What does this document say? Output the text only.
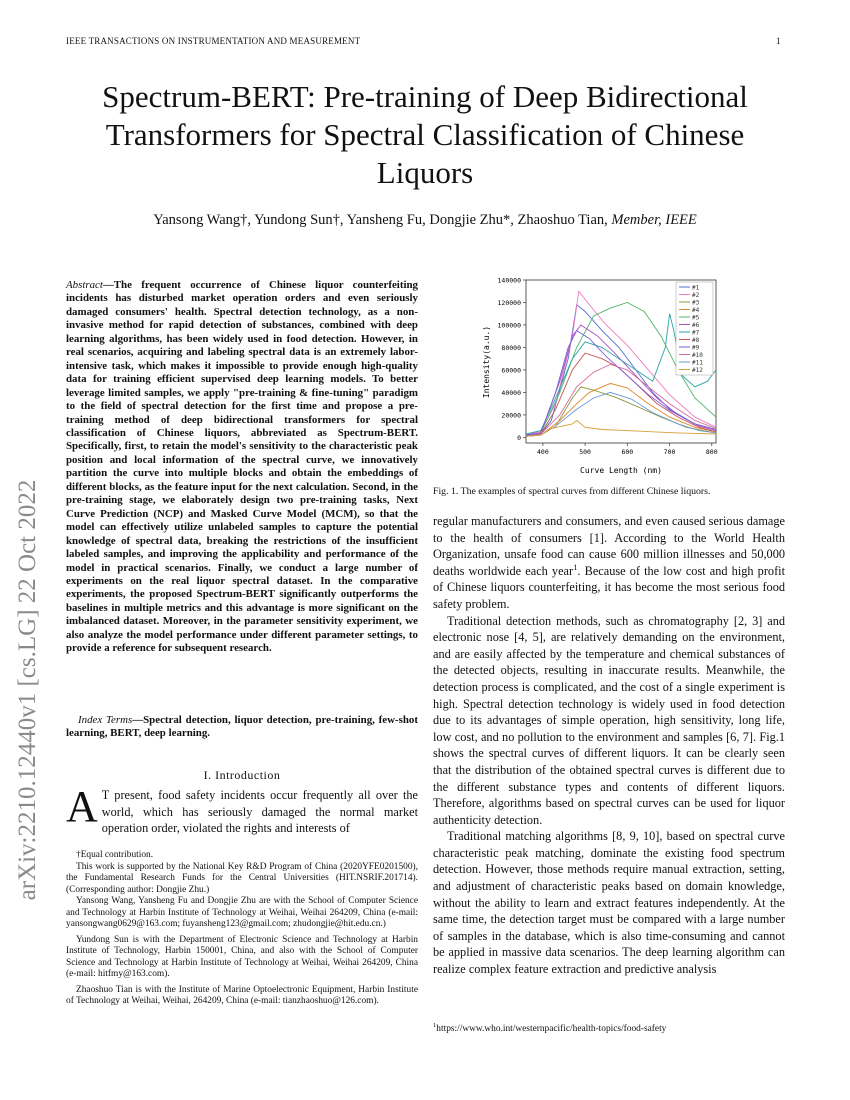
IEEE TRANSACTIONS ON INSTRUMENTATION AND MEASUREMENT	1
Spectrum-BERT: Pre-training of Deep Bidirectional Transformers for Spectral Classification of Chinese Liquors
Yansong Wang†, Yundong Sun†, Yansheng Fu, Dongjie Zhu*, Zhaoshuo Tian, Member, IEEE
arXiv:2210.12440v1 [cs.LG] 22 Oct 2022
Abstract—The frequent occurrence of Chinese liquor counterfeiting incidents has disturbed market operation orders and even seriously damaged consumers' health. Spectral detection technology, as a non-invasive method for rapid detection of substances, combined with deep learning algorithms, has been widely used in food detection. However, in real scenarios, acquiring and labeling spectral data is an extremely labor-intensive task, which makes it impossible to provide enough high-quality data for training efficient supervised deep learning models. To better leverage limited samples, we apply "pre-training & fine-tuning" paradigm to the field of spectral detection for the first time and propose a pre-training method of deep bidirectional transformers for spectral classification of Chinese liquors, abbreviated as Spectrum-BERT. Specifically, first, to retain the model's sensitivity to the characteristic peak position and local information of the spectral curve, we innovatively partition the curve into multiple blocks and obtain the embeddings of different blocks, as the feature input for the next calculation. Second, in the pre-training stage, we elaborately design two pre-training tasks, Next Curve Prediction (NCP) and Masked Curve Model (MCM), so that the model can effectively utilize unlabeled samples to capture the potential knowledge of spectral data, breaking the restrictions of the insufficient labeled samples, and improving the applicability and performance of the model in practical scenarios. Finally, we conduct a large number of experiments on the real liquor spectral dataset. In the comparative experiments, the proposed Spectrum-BERT significantly outperforms the baselines in multiple metrics and this advantage is more significant on the imbalanced dataset. Moreover, in the parameter sensitivity experiment, we also analyze the model performance under different parameter settings, to provide a reference for subsequent research.
Index Terms—Spectral detection, liquor detection, pre-training, few-shot learning, BERT, deep learning.
I. Introduction
A T present, food safety incidents occur frequently all over the world, which has seriously damaged the normal market operation order, violated the rights and interests of

†Equal contribution.

This work is supported by the National Key R&D Program of China (2020YFE0201500), the Fundamental Research Funds for the Central Universities (HIT.NSRIF.201714). (Corresponding author: Dongjie Zhu.)

Yansong Wang, Yansheng Fu and Dongjie Zhu are with the School of Computer Science and Technology at Harbin Institute of Technology at Weihai, Weihai 264209, China (e-mail: yansongwang0629@163.com; fuyansheng123@gmail.com; zhudongjie@hit.edu.cn.)

Yundong Sun is with the Department of Electronic Science and Technology at Harbin Institute of Technology, Harbin 150001, China, and also with the School of Computer Science and Technology at Harbin Institute of Technology at Weihai, Weihai 264209, China (e-mail: hitfmy@163.com).

Zhaoshuo Tian is with the Institute of Marine Optoelectronic Equipment, Harbin Institute of Technology at Weihai, Weihai, 264209, China (e-mail: tianzhaoshuo@126.com).

0
20000
40000
60000
80000
100000
120000
140000
400	500	600	700	800
#1
#2
#3
#4
#5
#6
#7
#8
#9
#10
#11
#12
Curve Length (nm)
Intensity(a.u.)
Fig. 1. The examples of spectral curves from different Chinese liquors.

regular manufacturers and consumers, and even caused serious damage to the health of consumers [1]. According to the World Health Organization, unsafe food can cause 600 million illnesses and 50,000 deaths worldwide each year$^1$. Because of the low cost and high profit of Chinese liquors counterfeiting, it has become the most serious food safety problem.

Traditional detection methods, such as chromatography [2, 3] and electronic nose [4, 5], are relatively demanding on the environment, and are easily affected by the temperature and chemical substances of the detected objects, resulting in inaccurate results. Meanwhile, the detection process is complicated, and the cost of a single experiment is high. Spectral detection technology is widely used in food detection due to its advantages of simple operation, high sensitivity, long life, low cost, and no pollution to the environment and samples [6, 7]. Fig.1 shows the spectral curves of different liquors. It can be clearly seen that the distribution of the obtained spectral curves is different due to the different substance types and contents of different liquors. Therefore, algorithms based on spectral curves can be used for liquor authenticity detection.

Traditional matching algorithms [8, 9, 10], based on spectral curve characteristic peak matching, dominate the existing food spectrum detection. However, those methods require manual extraction, setting, and adjustment of characteristic peaks based on domain knowledge, without the ability to learn and extract features independently. At the same time, the detection target must be compared with a large number of samples in the database, which is also time-consuming and cannot be applied in massive data scenarios. The deep learning algorithm can realize complex feature extraction and predictive analysis

$^1$https://www.who.int/westernpacific/health-topics/food-safety
